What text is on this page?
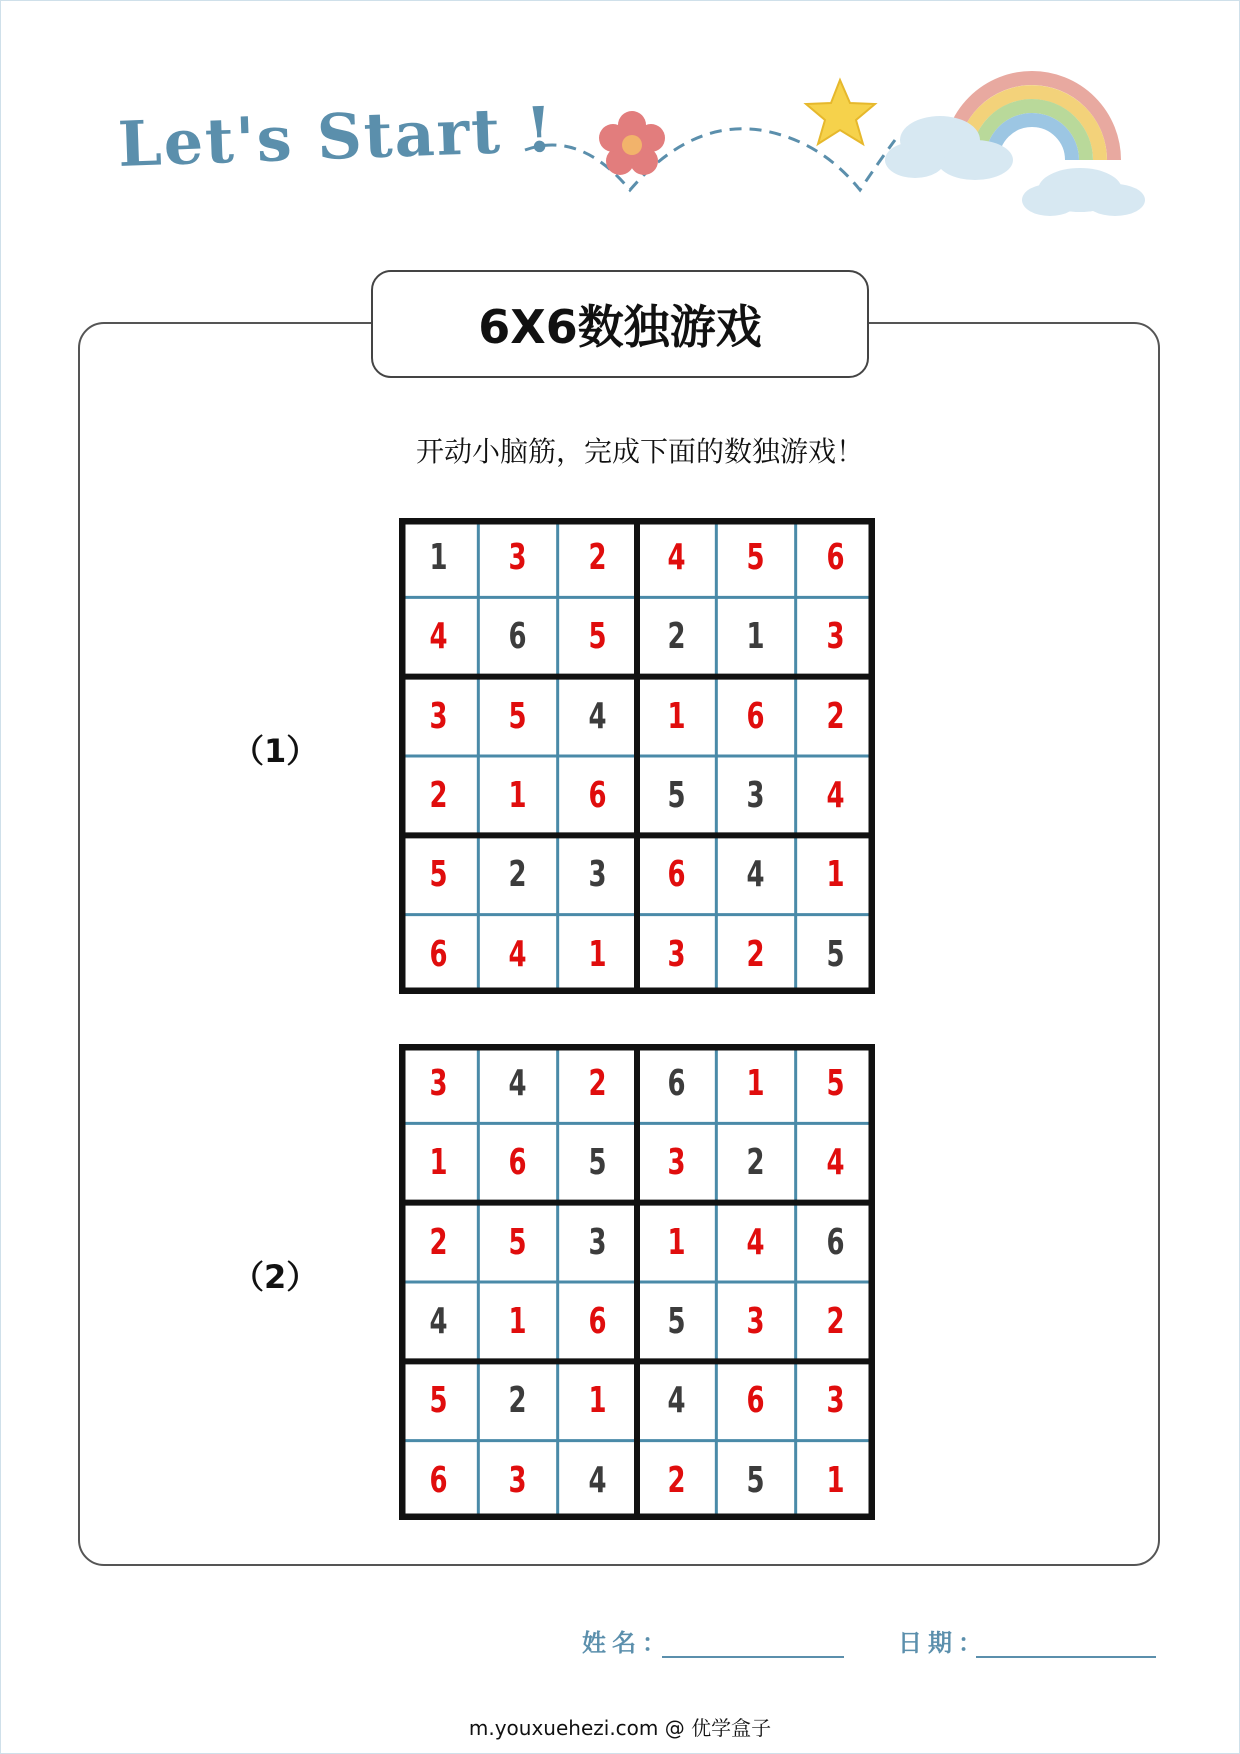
Let's Start !
6X6数独游戏
开动小脑筋，完成下面的数独游戏！
（1）
1	3	2	4	5	6
4	6	5	2	1	3
3	5	4	1	6	2
2	1	6	5	3	4
5	2	3	6	4	1
6	4	1	3	2	5
（2）
3	4	2	6	1	5
1	6	5	3	2	4
2	5	3	1	4	6
4	1	6	5	3	2
5	2	1	4	6	3
6	3	4	2	5	1
姓名：	日期：
m.youxuehezi.com @ 优学盒子
